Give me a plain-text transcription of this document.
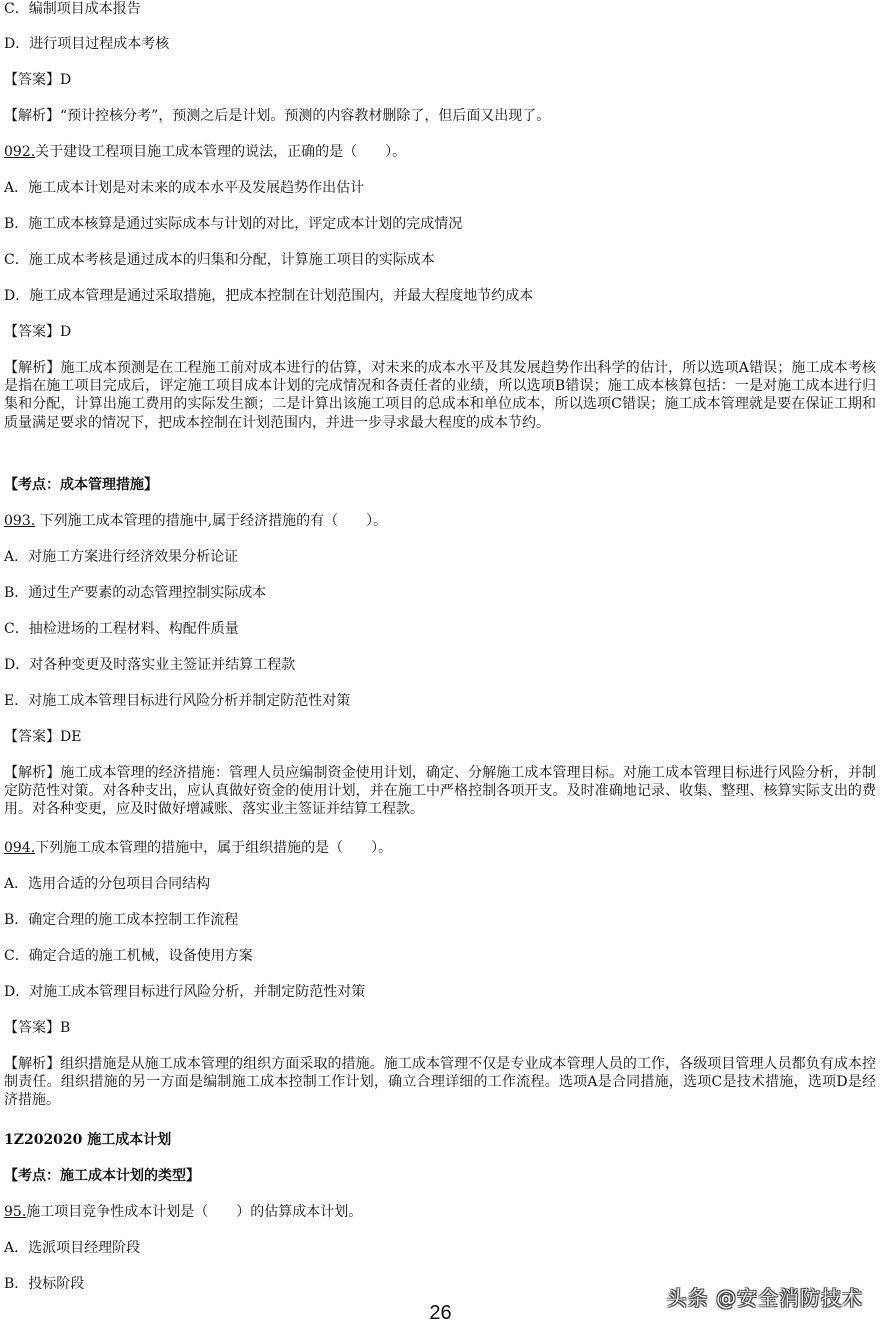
C．编制项目成本报告
D．进行项目过程成本考核
【答案】D
【解析】“预计控核分考”，预测之后是计划。预测的内容教材删除了，但后面又出现了。
092.关于建设工程项目施工成本管理的说法，正确的是（　　）。
A．施工成本计划是对未来的成本水平及发展趋势作出估计
B．施工成本核算是通过实际成本与计划的对比，评定成本计划的完成情况
C．施工成本考核是通过成本的归集和分配，计算施工项目的实际成本
D．施工成本管理是通过采取措施，把成本控制在计划范围内，并最大程度地节约成本
【答案】D
【解析】施工成本预测是在工程施工前对成本进行的估算，对未来的成本水平及其发展趋势作出科学的估计，所以选项A错误；施工成本考核是指在施工项目完成后，评定施工项目成本计划的完成情况和各责任者的业绩，所以选项B错误；施工成本核算包括：一是对施工成本进行归集和分配，计算出施工费用的实际发生额；二是计算出该施工项目的总成本和单位成本，所以选项C错误；施工成本管理就是要在保证工期和质量满足要求的情况下，把成本控制在计划范围内，并进一步寻求最大程度的成本节约。
【考点：成本管理措施】
093. 下列施工成本管理的措施中,属于经济措施的有（　　）。
A．对施工方案进行经济效果分析论证
B．通过生产要素的动态管理控制实际成本
C．抽检进场的工程材料、构配件质量
D．对各种变更及时落实业主签证并结算工程款
E．对施工成本管理目标进行风险分析并制定防范性对策
【答案】DE
【解析】施工成本管理的经济措施：管理人员应编制资金使用计划，确定、分解施工成本管理目标。对施工成本管理目标进行风险分析，并制定防范性对策。对各种支出，应认真做好资金的使用计划，并在施工中严格控制各项开支。及时准确地记录、收集、整理、核算实际支出的费用。对各种变更，应及时做好增减账、落实业主签证并结算工程款。
094.下列施工成本管理的措施中，属于组织措施的是（　　）。
A．选用合适的分包项目合同结构
B．确定合理的施工成本控制工作流程
C．确定合适的施工机械，设备使用方案
D．对施工成本管理目标进行风险分析，并制定防范性对策
【答案】B
【解析】组织措施是从施工成本管理的组织方面采取的措施。施工成本管理不仅是专业成本管理人员的工作，各级项目管理人员都负有成本控制责任。组织措施的另一方面是编制施工成本控制工作计划，确立合理详细的工作流程。选项A是合同措施，选项C是技术措施，选项D是经济措施。
1Z202020 施工成本计划
【考点：施工成本计划的类型】
95.施工项目竞争性成本计划是（　　）的估算成本计划。
A．选派项目经理阶段
B．投标阶段
头条 @安全消防技术
26
